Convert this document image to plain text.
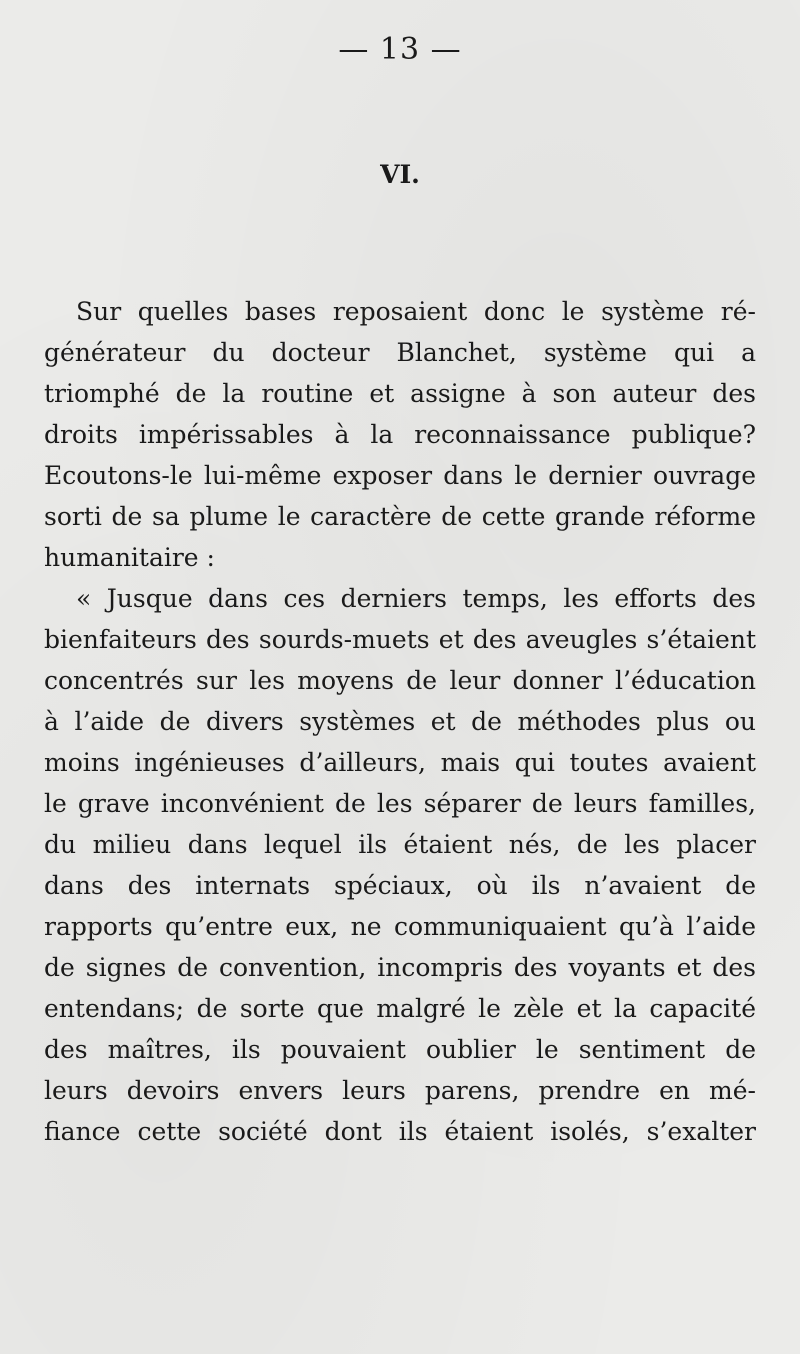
— 13 —
VI.
Sur quelles bases reposaient donc le système ré-
générateur du docteur Blanchet, système qui a
triomphé de la routine et assigne à son auteur des
droits impérissables à la reconnaissance publique?
Ecoutons-le lui-même exposer dans le dernier ouvrage
sorti de sa plume le caractère de cette grande réforme
humanitaire :
« Jusque dans ces derniers temps, les efforts des
bienfaiteurs des sourds-muets et des aveugles s’étaient
concentrés sur les moyens de leur donner l’éducation
à l’aide de divers systèmes et de méthodes plus ou
moins ingénieuses d’ailleurs, mais qui toutes avaient
le grave inconvénient de les séparer de leurs familles,
du milieu dans lequel ils étaient nés, de les placer
dans des internats spéciaux, où ils n’avaient de
rapports qu’entre eux, ne communiquaient qu’à l’aide
de signes de convention, incompris des voyants et des
entendans; de sorte que malgré le zèle et la capacité
des maîtres, ils pouvaient oublier le sentiment de
leurs devoirs envers leurs parens, prendre en mé-
fiance cette société dont ils étaient isolés, s’exalter
